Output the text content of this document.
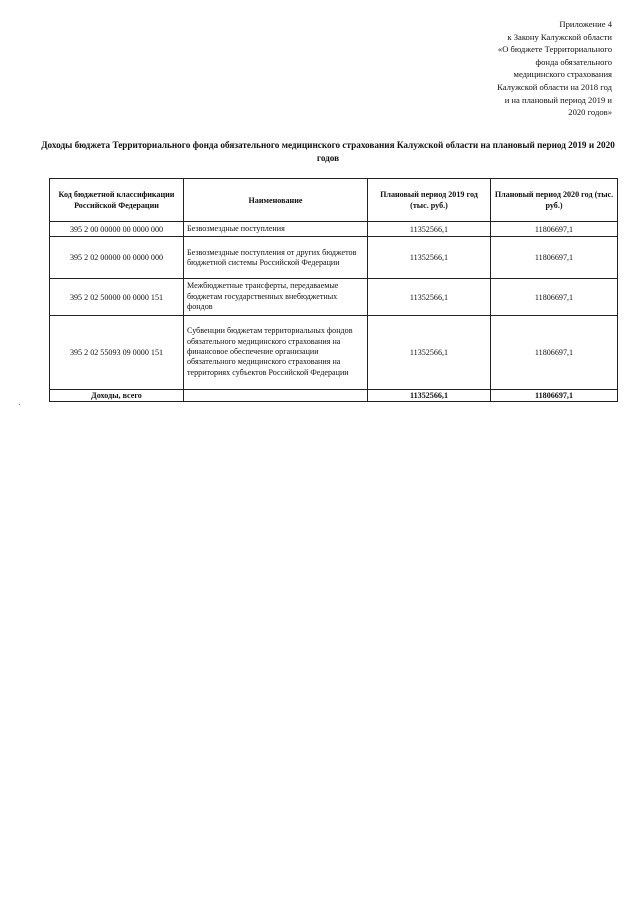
Приложение 4
к Закону Калужской области
«О бюджете Территориального
фонда обязательного
медицинского страхования
Калужской области на 2018 год
и на плановый период 2019 и
2020 годов»
Доходы бюджета Территориального фонда обязательного медицинского страхования Калужской области на плановый период 2019 и 2020 годов
Код бюджетной классификации Российской Федерации	Наименование	Плановый период 2019 год (тыс. руб.)	Плановый период 2020 год (тыс. руб.)
395 2 00 00000 00 0000 000	Безвозмездные поступления	11352566,1	11806697,1
395 2 02 00000 00 0000 000	Безвозмездные поступления от других бюджетов бюджетной системы Российской Федерации	11352566,1	11806697,1
395 2 02 50000 00 0000 151	Межбюджетные трансферты, передаваемые бюджетам государственных внебюджетных фондов	11352566,1	11806697,1
395 2 02 55093 09 0000 151	Субвенции бюджетам территориальных фондов обязательного медицинского страхования на финансовое обеспечение организации обязательного медицинского страхования на территориях субъектов Российской Федерации	11352566,1	11806697,1
Доходы, всего		11352566,1	11806697,1
